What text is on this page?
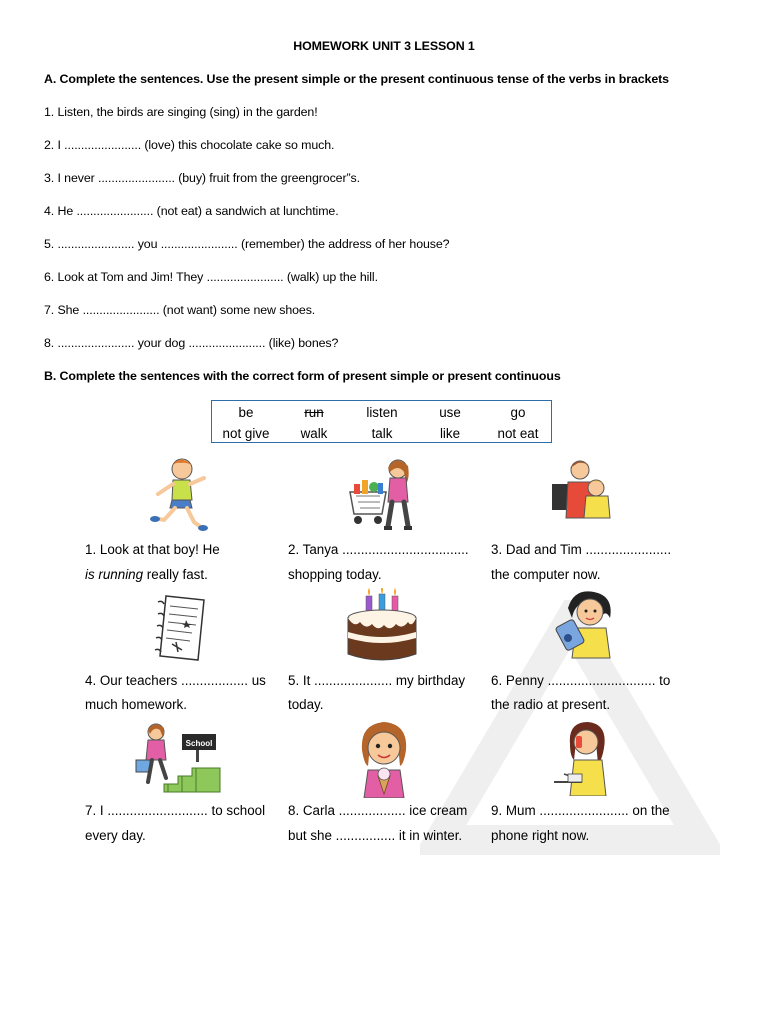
HOMEWORK UNIT 3 LESSON 1
A. Complete the sentences. Use the present simple or the present continuous tense of the verbs in brackets
1. Listen, the birds are singing (sing) in the garden!
2. I ....................... (love) this chocolate cake so much.
3. I never ....................... (buy) fruit from the greengrocer”s.
4. He ....................... (not eat) a sandwich at lunchtime.
5. ....................... you ....................... (remember) the address of her house?
6. Look at Tom and Jim! They ....................... (walk) up the hill.
7. She ....................... (not want) some new shoes.
8. ....................... your dog ....................... (like) bones?
B. Complete the sentences with the correct form of present simple or present continuous
be	run	listen	use	go
not give	walk	talk	like	not eat
School
1. Look at that boy! He
is running really fast.
2. Tanya ..................................
shopping today.
3. Dad and Tim .......................
the computer now.
4. Our teachers .................. us
much homework.
5. It ..................... my birthday
today.
6. Penny ............................. to
the radio at present.
7. I ........................... to school
every day.
8. Carla .................. ice cream
but she ................ it in winter.
9. Mum ........................ on the
phone right now.
